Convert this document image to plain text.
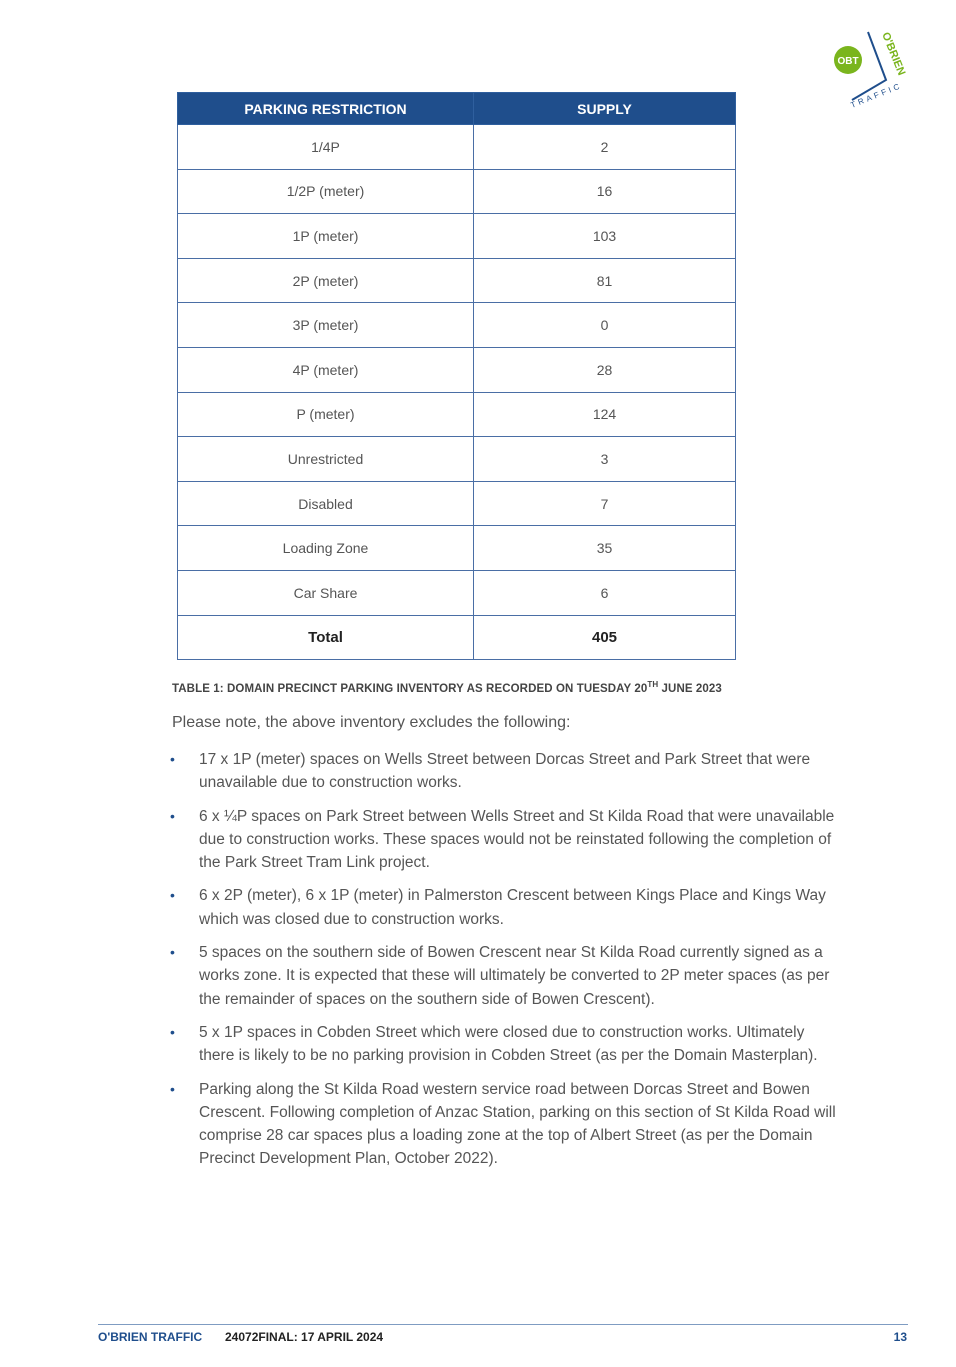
OBT O'BRIEN
TRAFFIC
PARKING RESTRICTION	SUPPLY
1/4P	2
1/2P (meter)	16
1P (meter)	103
2P (meter)	81
3P (meter)	0
4P (meter)	28
P (meter)	124
Unrestricted	3
Disabled	7
Loading Zone	35
Car Share	6
Total	405
TABLE 1: DOMAIN PRECINCT PARKING INVENTORY AS RECORDED ON TUESDAY 20TH JUNE 2023
Please note, the above inventory excludes the following:
• 17 x 1P (meter) spaces on Wells Street between Dorcas Street and Park Street that were unavailable due to construction works.
• 6 x ¼P spaces on Park Street between Wells Street and St Kilda Road that were unavailable due to construction works. These spaces would not be reinstated following the completion of the Park Street Tram Link project.
• 6 x 2P (meter), 6 x 1P (meter) in Palmerston Crescent between Kings Place and Kings Way which was closed due to construction works.
• 5 spaces on the southern side of Bowen Crescent near St Kilda Road currently signed as a works zone. It is expected that these will ultimately be converted to 2P meter spaces (as per the remainder of spaces on the southern side of Bowen Crescent).
• 5 x 1P spaces in Cobden Street which were closed due to construction works. Ultimately there is likely to be no parking provision in Cobden Street (as per the Domain Masterplan).
• Parking along the St Kilda Road western service road between Dorcas Street and Bowen Crescent. Following completion of Anzac Station, parking on this section of St Kilda Road will comprise 28 car spaces plus a loading zone at the top of Albert Street (as per the Domain Precinct Development Plan, October 2022).
O'BRIEN TRAFFIC 24072FINAL: 17 APRIL 2024	13
